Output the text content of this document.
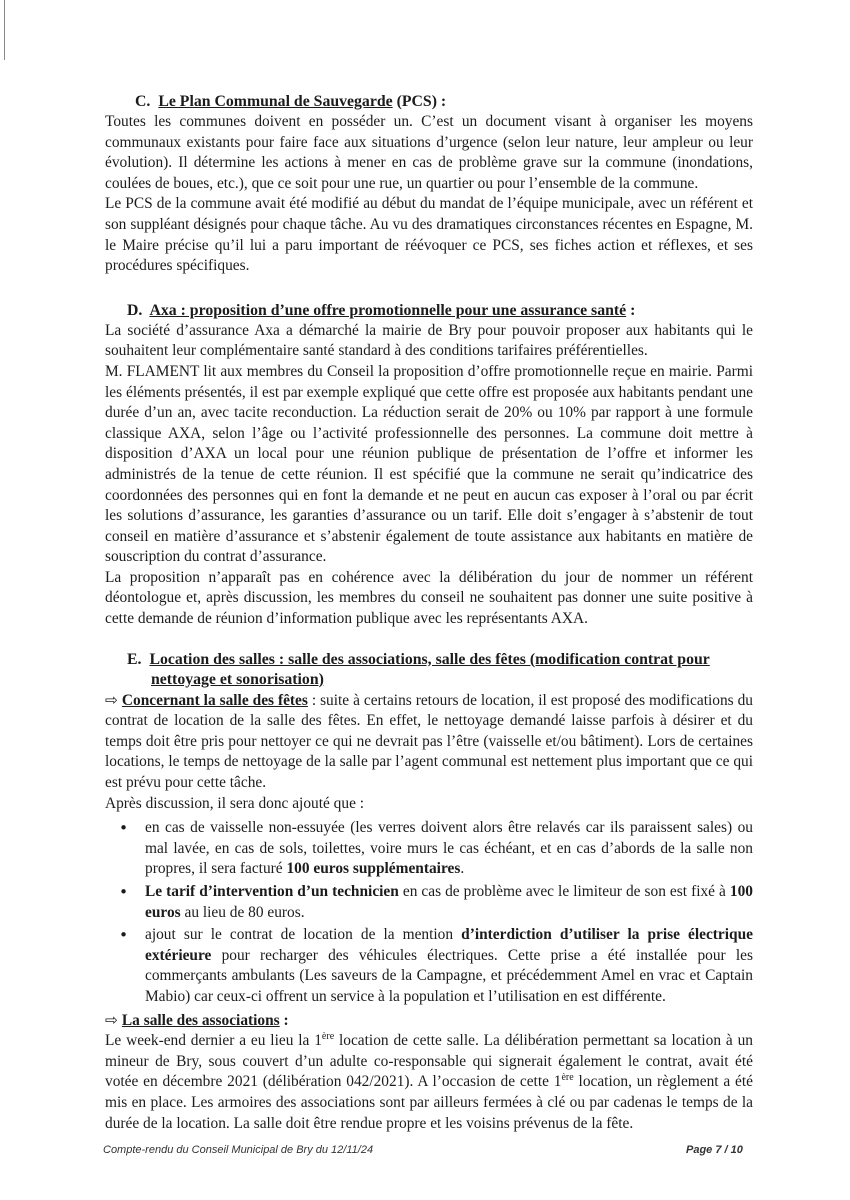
C. Le Plan Communal de Sauvegarde (PCS) :

Toutes les communes doivent en posséder un. C’est un document visant à organiser les moyens communaux existants pour faire face aux situations d’urgence (selon leur nature, leur ampleur ou leur évolution). Il détermine les actions à mener en cas de problème grave sur la commune (inondations, coulées de boues, etc.), que ce soit pour une rue, un quartier ou pour l’ensemble de la commune.

Le PCS de la commune avait été modifié au début du mandat de l’équipe municipale, avec un référent et son suppléant désignés pour chaque tâche. Au vu des dramatiques circonstances récentes en Espagne, M. le Maire précise qu’il lui a paru important de réévoquer ce PCS, ses fiches action et réflexes, et ses procédures spécifiques.

D. Axa : proposition d’une offre promotionnelle pour une assurance santé :

La société d’assurance Axa a démarché la mairie de Bry pour pouvoir proposer aux habitants qui le souhaitent leur complémentaire santé standard à des conditions tarifaires préférentielles.

M. FLAMENT lit aux membres du Conseil la proposition d’offre promotionnelle reçue en mairie. Parmi les éléments présentés, il est par exemple expliqué que cette offre est proposée aux habitants pendant une durée d’un an, avec tacite reconduction. La réduction serait de 20% ou 10% par rapport à une formule classique AXA, selon l’âge ou l’activité professionnelle des personnes. La commune doit mettre à disposition d’AXA un local pour une réunion publique de présentation de l’offre et informer les administrés de la tenue de cette réunion. Il est spécifié que la commune ne serait qu’indicatrice des coordonnées des personnes qui en font la demande et ne peut en aucun cas exposer à l’oral ou par écrit les solutions d’assurance, les garanties d’assurance ou un tarif. Elle doit s’engager à s’abstenir de tout conseil en matière d’assurance et s’abstenir également de toute assistance aux habitants en matière de souscription du contrat d’assurance.

La proposition n’apparaît pas en cohérence avec la délibération du jour de nommer un référent déontologue et, après discussion, les membres du conseil ne souhaitent pas donner une suite positive à cette demande de réunion d’information publique avec les représentants AXA.

E. Location des salles : salle des associations, salle des fêtes (modification contrat pour nettoyage et sonorisation)

⇨ Concernant la salle des fêtes : suite à certains retours de location, il est proposé des modifications du contrat de location de la salle des fêtes. En effet, le nettoyage demandé laisse parfois à désirer et du temps doit être pris pour nettoyer ce qui ne devrait pas l’être (vaisselle et/ou bâtiment). Lors de certaines locations, le temps de nettoyage de la salle par l’agent communal est nettement plus important que ce qui est prévu pour cette tâche.

Après discussion, il sera donc ajouté que :

• en cas de vaisselle non-essuyée (les verres doivent alors être relavés car ils paraissent sales) ou mal lavée, en cas de sols, toilettes, voire murs le cas échéant, et en cas d’abords de la salle non propres, il sera facturé 100 euros supplémentaires.
• Le tarif d’intervention d’un technicien en cas de problème avec le limiteur de son est fixé à 100 euros au lieu de 80 euros.
• ajout sur le contrat de location de la mention d’interdiction d’utiliser la prise électrique extérieure pour recharger des véhicules électriques. Cette prise a été installée pour les commerçants ambulants (Les saveurs de la Campagne, et précédemment Amel en vrac et Captain Mabio) car ceux-ci offrent un service à la population et l’utilisation en est différente.
⇨ La salle des associations :

Le week-end dernier a eu lieu la 1ère location de cette salle. La délibération permettant sa location à un mineur de Bry, sous couvert d’un adulte co-responsable qui signerait également le contrat, avait été votée en décembre 2021 (délibération 042/2021). A l’occasion de cette 1ère location, un règlement a été mis en place. Les armoires des associations sont par ailleurs fermées à clé ou par cadenas le temps de la durée de la location. La salle doit être rendue propre et les voisins prévenus de la fête.

Compte-rendu du Conseil Municipal de Bry du 12/11/24	Page 7 / 10
